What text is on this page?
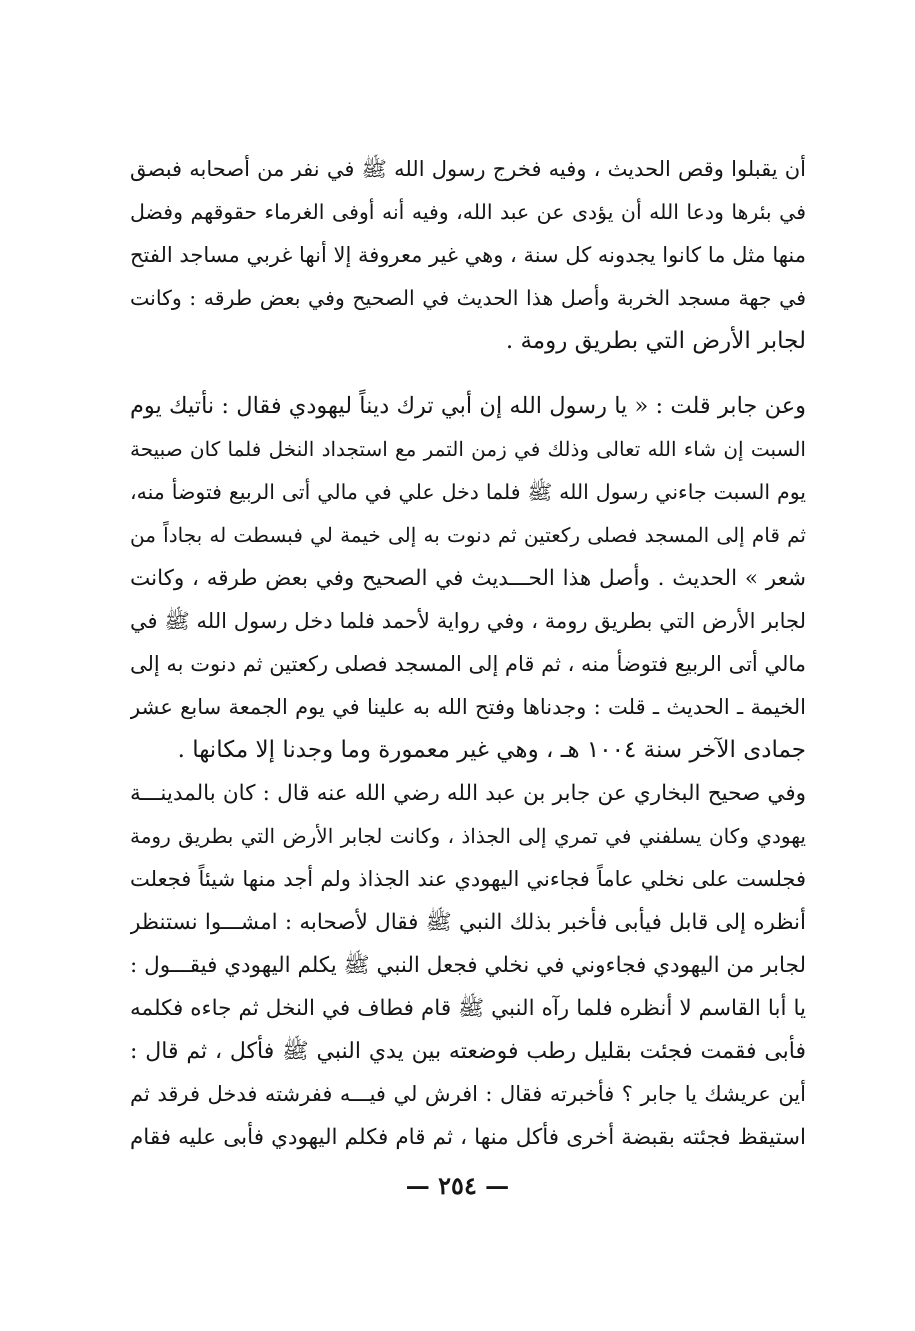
أن يقبلوا وقص الحديث ، وفيه فخرج رسول الله ﷺ في نفر من أصحابه فبصق
في بئرها ودعا الله أن يؤدى عن عبد الله، وفيه أنه أوفى الغرماء حقوقهم وفضل
منها مثل ما كانوا يجدونه كل سنة ، وهي غير معروفة إلا أنها غربي مساجد الفتح
في جهة مسجد الخربة وأصل هذا الحديث في الصحيح وفي بعض طرقه : وكانت
لجابر الأرض التي بطريق رومة .
وعن جابر قلت : « يا رسول الله إن أبي ترك ديناً ليهودي فقال : نأتيك يوم
السبت إن شاء الله تعالى وذلك في زمن التمر مع استجداد النخل فلما كان صبيحة
يوم السبت جاءني رسول الله ﷺ فلما دخل علي في مالي أتى الربيع فتوضأ منه،
ثم قام إلى المسجد فصلى ركعتين ثم دنوت به إلى خيمة لي فبسطت له بجاداً من
شعر » الحديث . وأصل هذا الحـــديث في الصحيح وفي بعض طرقه ، وكانت
لجابر الأرض التي بطريق رومة ، وفي رواية لأحمد فلما دخل رسول الله ﷺ في
مالي أتى الربيع فتوضأ منه ، ثم قام إلى المسجد فصلى ركعتين ثم دنوت به إلى
الخيمة ـ الحديث ـ قلت : وجدناها وفتح الله به علينا في يوم الجمعة سابع عشر
جمادى الآخر سنة ١٠٠٤ هـ ، وهي غير معمورة وما وجدنا إلا مكانها .
وفي صحيح البخاري عن جابر بن عبد الله رضي الله عنه قال : كان بالمدينـــة
يهودي وكان يسلفني في تمري إلى الجذاذ ، وكانت لجابر الأرض التي بطريق رومة
فجلست على نخلي عاماً فجاءني اليهودي عند الجذاذ ولم أجد منها شيئاً فجعلت
أنظره إلى قابل فيأبى فأخبر بذلك النبي ﷺ فقال لأصحابه : امشـــوا نستنظر
لجابر من اليهودي فجاءوني في نخلي فجعل النبي ﷺ يكلم اليهودي فيقـــول :
يا أبا القاسم لا أنظره فلما رآه النبي ﷺ قام فطاف في النخل ثم جاءه فكلمه
فأبى فقمت فجئت بقليل رطب فوضعته بين يدي النبي ﷺ فأكل ، ثم قال :
أين عريشك يا جابر ؟ فأخبرته فقال : افرش لي فيـــه ففرشته فدخل فرقد ثم
استيقظ فجئته بقبضة أخرى فأكل منها ، ثم قام فكلم اليهودي فأبى عليه فقام
— ٢٥٤ —
